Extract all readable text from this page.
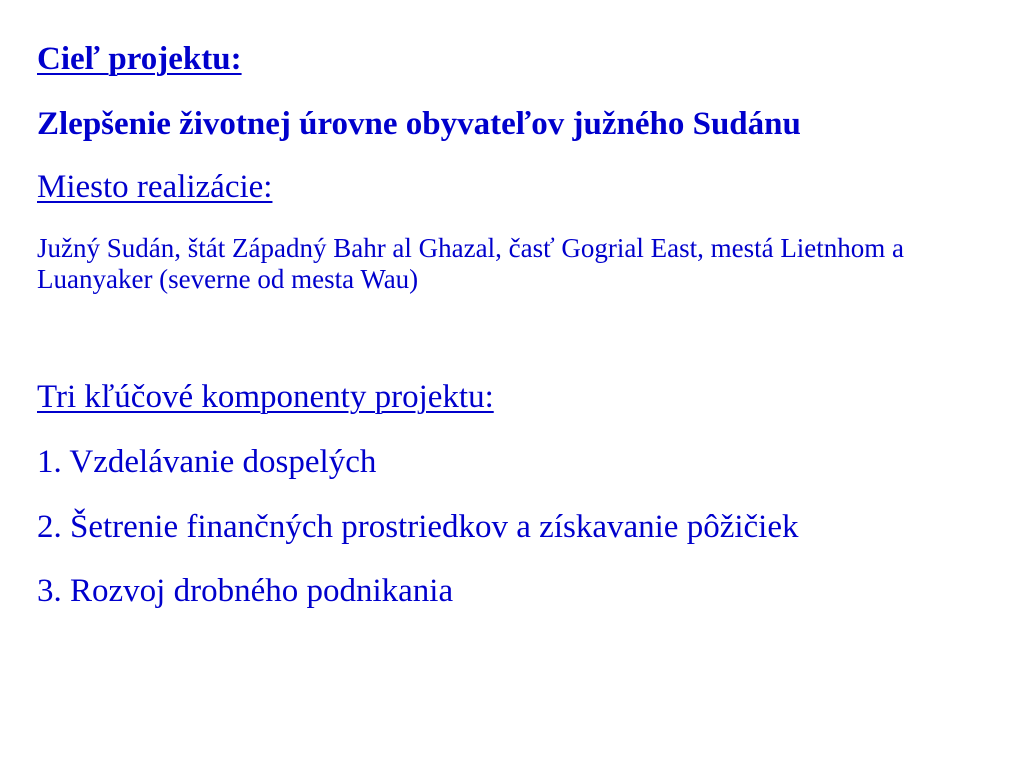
Cieľ projektu:
Zlepšenie životnej úrovne obyvateľov južného Sudánu
Miesto realizácie:
Južný Sudán, štát Západný Bahr al Ghazal, časť Gogrial East, mestá Lietnhom a Luanyaker (severne od mesta Wau)
Tri kľúčové komponenty projektu:
1. Vzdelávanie dospelých
2. Šetrenie finančných prostriedkov a získavanie pôžičiek
3. Rozvoj drobného podnikania
